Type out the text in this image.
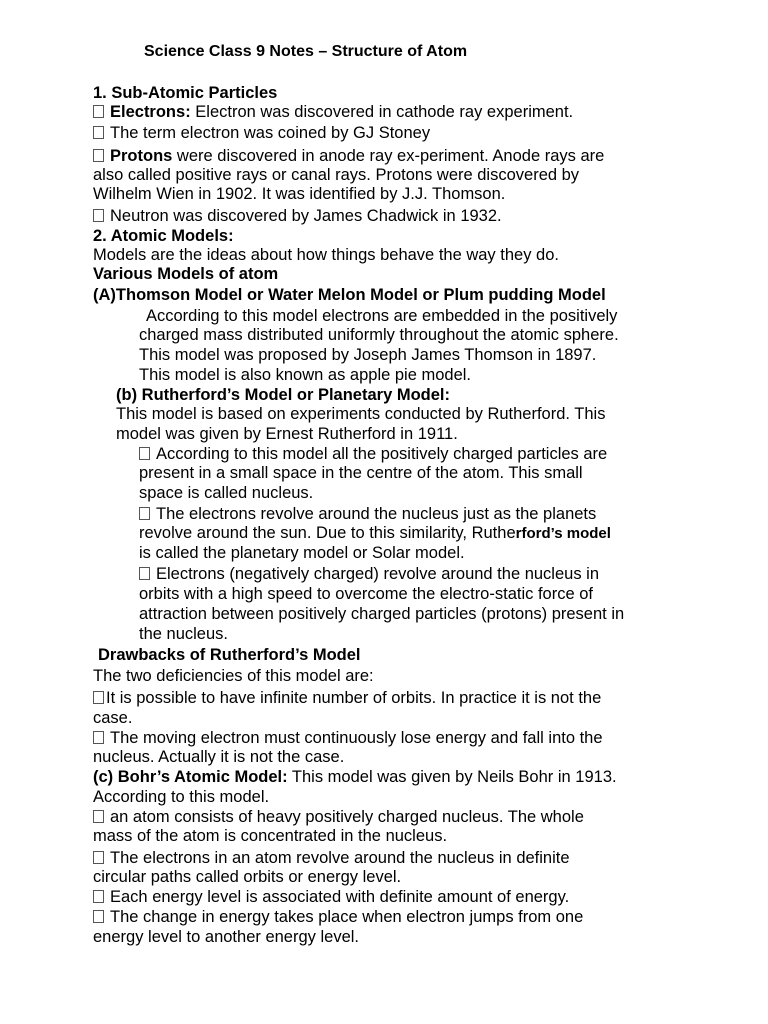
Science Class 9 Notes – Structure of Atom
1. Sub-Atomic Particles
Electrons: Electron was discovered in cathode ray experiment.
The term electron was coined by GJ Stoney
Protons were discovered in anode ray ex-periment. Anode rays are
also called positive rays or canal rays. Protons were discovered by
Wilhelm Wien in 1902. It was identified by J.J. Thomson.
Neutron was discovered by James Chadwick in 1932.
2. Atomic Models:
Models are the ideas about how things behave the way they do.
Various Models of atom
(A)Thomson Model or Water Melon Model or Plum pudding Model
According to this model electrons are embedded in the positively
charged mass distributed uniformly throughout the atomic sphere.
This model was proposed by Joseph James Thomson in 1897.
This model is also known as apple pie model.
(b) Rutherford’s Model or Planetary Model:
This model is based on experiments conducted by Rutherford. This
model was given by Ernest Rutherford in 1911.
According to this model all the positively charged particles are
present in a small space in the centre of the atom. This small
space is called nucleus.
The electrons revolve around the nucleus just as the planets
revolve around the sun. Due to this similarity, Rutherford’s model
is called the planetary model or Solar model.
Electrons (negatively charged) revolve around the nucleus in
orbits with a high speed to overcome the electro-static force of
attraction between positively charged particles (protons) present in
the nucleus.
Drawbacks of Rutherford’s Model
The two deficiencies of this model are:
It is possible to have infinite number of orbits. In practice it is not the
case.
The moving electron must continuously lose energy and fall into the
nucleus. Actually it is not the case.
(c) Bohr’s Atomic Model: This model was given by Neils Bohr in 1913.
According to this model.
an atom consists of heavy positively charged nucleus. The whole
mass of the atom is concentrated in the nucleus.
The electrons in an atom revolve around the nucleus in definite
circular paths called orbits or energy level.
Each energy level is associated with definite amount of energy.
The change in energy takes place when electron jumps from one
energy level to another energy level.
